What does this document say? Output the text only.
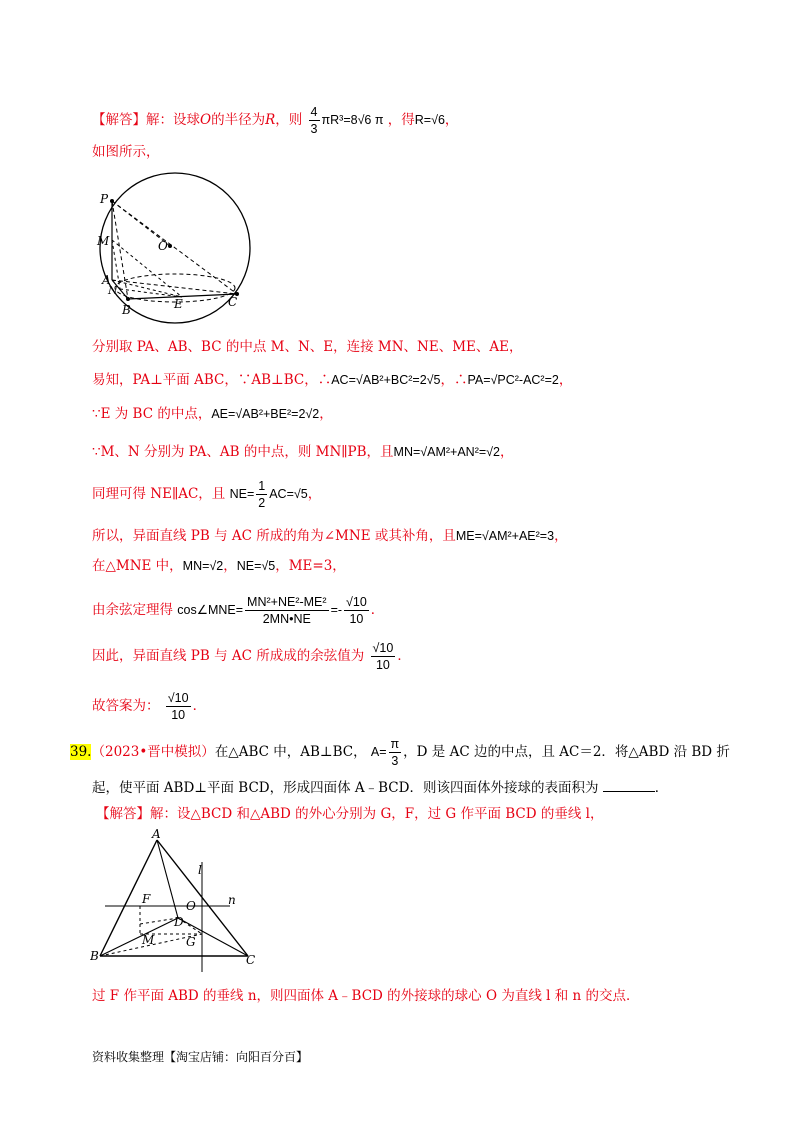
【解答】解：设球O的半径为R，则 $\frac{4}{3} \pi R^3=8√6$ π ，得R=√6，
如图所示，
P
M	O
A
N
E	C
B
分别取 PA、AB、BC 的中点 M、N、E，连接 MN、NE、ME、AE，
易知，PA⊥平面 ABC，∵AB⊥BC，∴AC=√AB²+BC²=2√5，∴PA=√PC²-AC²=2，
∵E 为 BC 的中点，AE=√AB²+BE²=2√2，
∵M、N 分别为 PA、AB 的中点，则 MN∥PB，且MN=√AM²+AN²=√2，
同理可得 NE∥AC，且 $NE= \frac{1}{2} AC=√5$，
所以，异面直线 PB 与 AC 所成的角为∠MNE 或其补角，且ME=√AM²+AE²=3，
在△MNE 中，MN=√2，NE=√5，ME=3，
由余弦定理得 cos∠MNE= $\frac{\text{MN²+NE²-ME²}}{2MN•NE} =- \frac{√10}{10}$ ．
因此，异面直线 PB 与 AC 所成成的余弦值为 $\frac{√10}{10}$ ．
故答案为： $\frac{√10}{10}$ ．
39.（2023•晋中模拟）在△ABC 中，AB⊥BC， $A= \frac{\pi}{3}$ ，D 是 AC 边的中点，且 AC＝2．将△ABD 沿 BD 折
起，使平面 ABD⊥平面 BCD，形成四面体 A﹣BCD．则该四面体外接球的表面积为	．
【解答】解：设△BCD 和△ABD 的外心分别为 G，F，过 G 作平面 BCD 的垂线 l，
A
l
n
F	O
D
M	G
B	C
过 F 作平面 ABD 的垂线 n，则四面体 A﹣BCD 的外接球的球心 O 为直线 l 和 n 的交点．
资料收集整理【淘宝店铺：向阳百分百】
